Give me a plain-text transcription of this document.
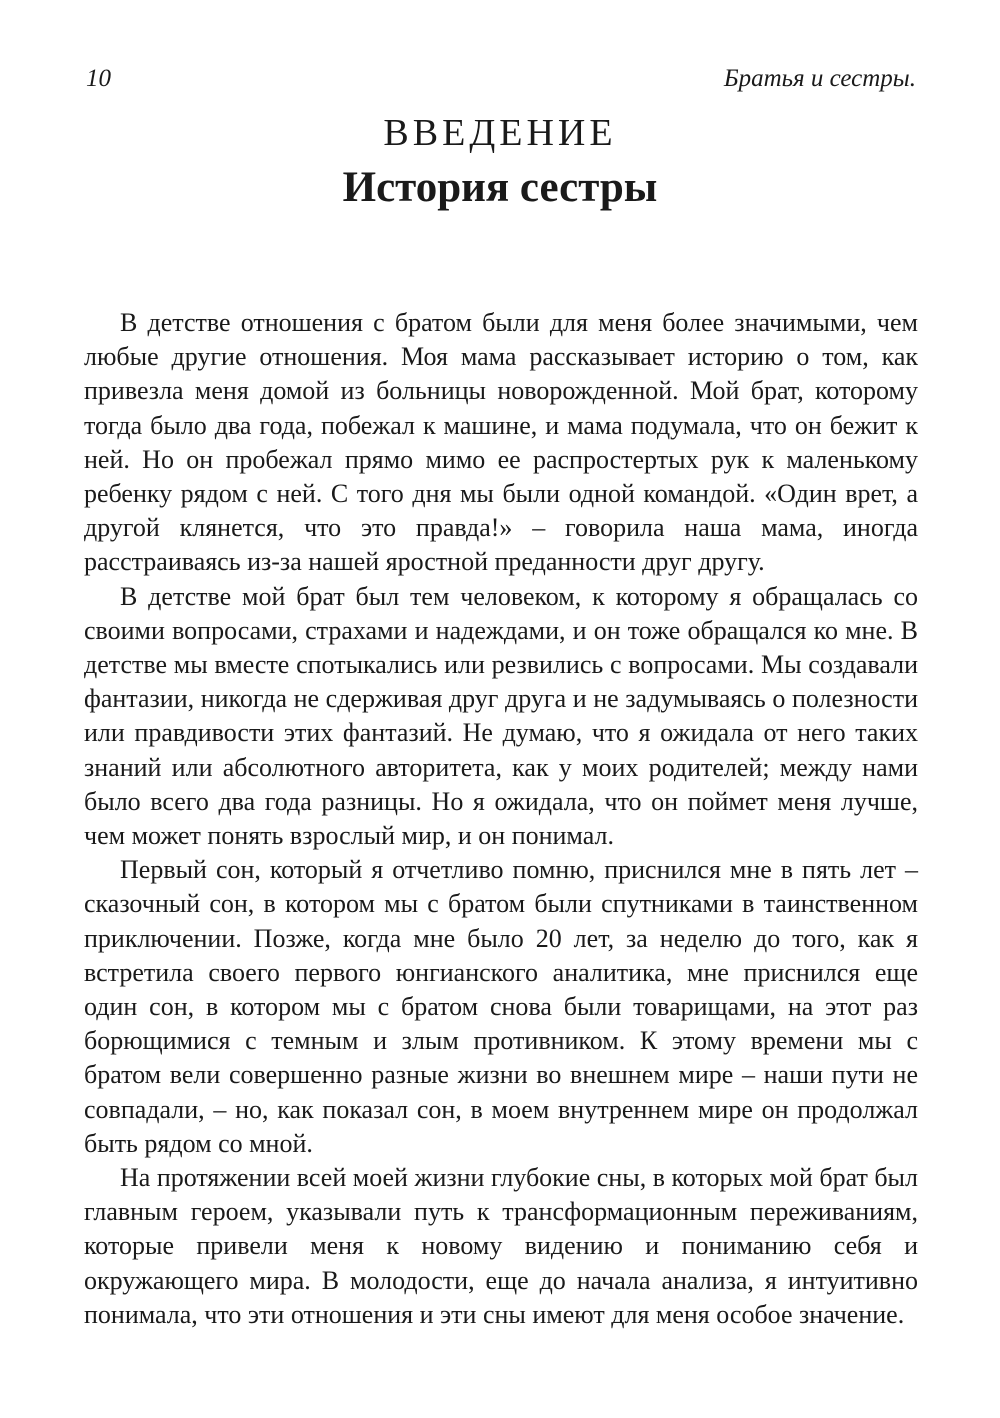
10	Братья и сестры.
ВВЕДЕНИЕ
История сестры

В детстве отношения с братом были для меня более значимыми, чем любые другие отношения. Моя мама рассказывает историю о том, как привезла меня домой из больницы новорожденной. Мой брат, которому тогда было два года, побежал к машине, и мама подумала, что он бежит к ней. Но он пробежал прямо мимо ее распростертых рук к маленькому ребенку рядом с ней. С того дня мы были одной командой. «Один врет, а другой клянется, что это правда!» – говорила наша мама, иногда расстраиваясь из-за нашей яростной преданности друг другу.

В детстве мой брат был тем человеком, к которому я обращалась со своими вопросами, страхами и надеждами, и он тоже обращался ко мне. В детстве мы вместе спотыкались или резвились с вопросами. Мы создавали фантазии, никогда не сдерживая друг друга и не задумываясь о полезности или правдивости этих фантазий. Не думаю, что я ожидала от него таких знаний или абсолютного авторитета, как у моих родителей; между нами было всего два года разницы. Но я ожидала, что он поймет меня лучше, чем может понять взрослый мир, и он понимал.

Первый сон, который я отчетливо помню, приснился мне в пять лет – сказочный сон, в котором мы с братом были спутниками в таинственном приключении. Позже, когда мне было 20 лет, за неделю до того, как я встретила своего первого юнгианского аналитика, мне приснился еще один сон, в котором мы с братом снова были товарищами, на этот раз борющимися с темным и злым противником. К этому времени мы с братом вели совершенно разные жизни во внешнем мире – наши пути не совпадали, – но, как показал сон, в моем внутреннем мире он продолжал быть рядом со мной.

На протяжении всей моей жизни глубокие сны, в которых мой брат был главным героем, указывали путь к трансформационным переживаниям, которые привели меня к новому видению и пониманию себя и окружающего мира. В молодости, еще до начала анализа, я интуитивно понимала, что эти отношения и эти сны имеют для меня особое значение.
